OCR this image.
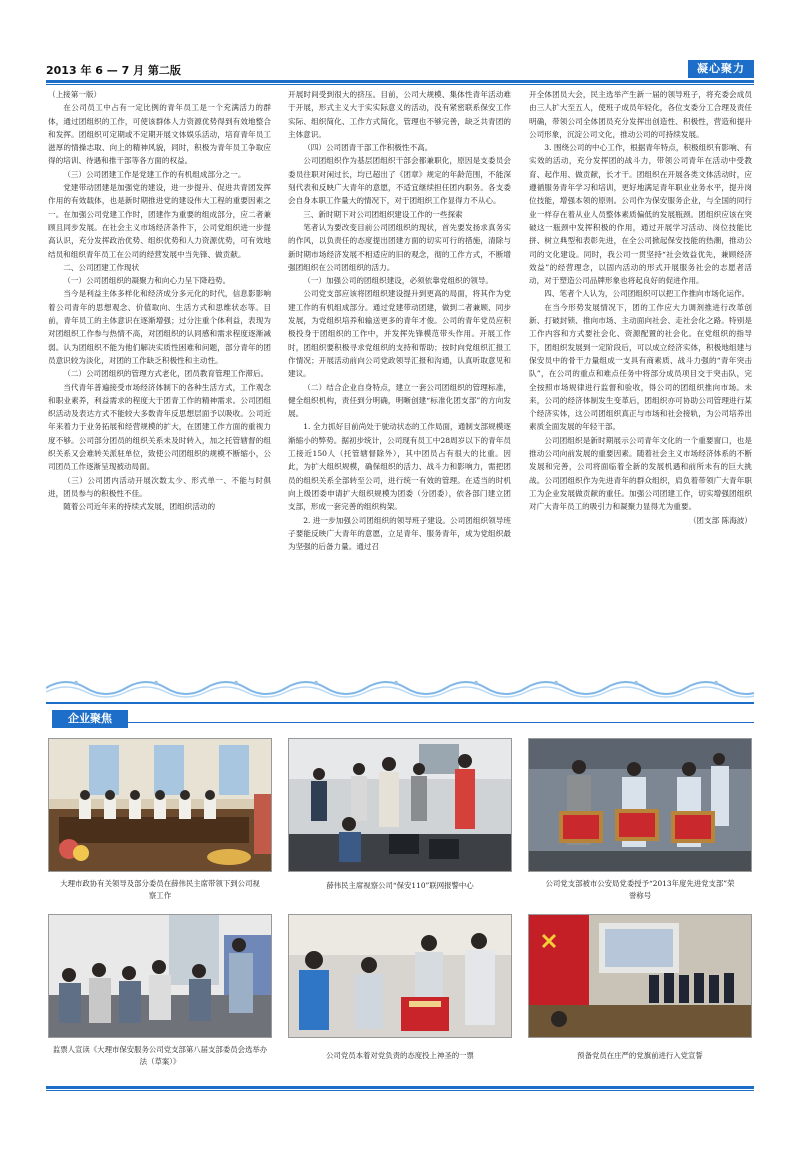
2013 年 6 — 7 月 第二版	凝心聚力

（上接第一版）

在公司员工中占有一定比例的青年员工是一个充满活力的群体，通过团组织的工作，可使该群体人力资源优势得到有效地整合和发挥。团组织可定期或不定期开展文体娱乐活动，培育青年员工滋厚的情操志取、向上的精神风貌，同时，积极为青年员工争取应得的培训、待遇和推干部等各方面的权益。

（三）公司团建工作是党建工作的有机组成部分之一。

党建带动团建是加强党的建设，进一步提升、促进共青团发挥作用的有效载体，也是新时期推进党的建设伟大工程的重要因素之一。在加强公司党建工作时，团建作为重要的组成部分，应二者兼顾且同步发展。在社会主义市场经济条件下，公司党组织进一步提高认识，充分发挥政治优势、组织优势和人力资源优势，可有效地结员和组织青年员工在公司的经营发展中当先锋、做贡献。

二、公司团建工作现状

（一）公司团组织的凝聚力和向心力呈下降趋势。

当今是利益主体多样化和经济成分多元化的时代，信息影影响着公司青年的思想观念、价值取向、生活方式和思维状态等。目前，青年员工的主体意识在逐渐增强；过分注重个体利益，表现为对团组织工作参与热情不高，对团组织的认同感和需求程度逐渐减弱。认为团组织不能为他们解决实质性困难和问题，部分青年的团员意识较为淡化，对团的工作缺乏积极性和主动性。

（二）公司团组织的管理方式老化，团员教育管理工作滞后。

当代青年普遍接受市场经济体制下的各种生活方式，工作观念和职业素养，利益需求的程度大于团青工作的精神需求。公司团组织活动及表达方式不能较大多数青年反思想层面予以吸收。公司近年来着力于业务拓展和经营规模的扩大，在团建工作方面的重视力度不够。公司部分团员的组织关系未及时转入，加之托管辖督的组织关系又会难转关派驻单位，致使公司团组织的规模不断缩小，公司团员工作逐渐呈现被动局面。

（三）公司团内活动开展次数太少、形式单一、不能与时俱进，团员参与的积极性不佳。

随着公司近年来的持续式发展，团组织活动的

开展时间受到很大的挤压。目前，公司大规模、集体性青年活动难于开展，形式主义大于实实际意义的活动，没有紧密联系保安工作实际、组织简化、工作方式简化，管理也不够完善，缺乏共青团的主体意识。

（四）公司团青干部工作积极性不高。

公司团组织作为基层团组织干部会都兼职化，原因是支委员会委员往职对闲过长，均已超出了《团章》规定的年龄范围，不能深刻代表和反映广大青年的意愿，不适宜继续担任团内职务。各支委会自身本职工作量大的情况下，对于团组织工作显得力不从心。

三、新时期下对公司团组织建设工作的一些探索

笔者认为要改变目前公司团组织的现状，首先要发扬求真务实的作风，以负责任的态度提出团建方面的切实可行的措施，清除与新时期市场经济发展不相适应的旧的观念，彻的工作方式，不断增强团组织在公司团组织的活力。

（一）加强公司的团组织建设，必须依靠党组织的领导。

公司党支部应该将团组织建设提升到更高的局面，将其作为党建工作的有机组成部分。通过党建带动团建，做到二者兼顾、同步发展，为党组织培养和输送更多的青年才俊。公司的青年党员应积极投身于团组织的工作中，并发挥先锋模范带头作用。开展工作时，团组织要积极寻求党组织的支持和帮助；按时向党组织汇报工作情况；开展活动前向公司党政领导汇报和沟通，认真听取意见和建议。

（二）结合企业自身特点，建立一套公司团组织的管理标准，健全组织机构，责任到分明确，明晰创建“标准化团支部”的方向发展。

1. 全力抓好目前尚处于驶动状态的工作局面，通制支部规模逐渐缩小的弊势。据初步统计，公司现有员工中28周岁以下的青年员工接近150人（托管辖督除外），其中团员占有很大的比重。因此，为扩大组织规模，确保组织的活力、战斗力和影响力，需把团员的组织关系全部转至公司，进行统一有效的管理。在适当的时机向上级团委申请扩大组织规模为团委（分团委），依各部门建立团支部，形成一套完善的组织构架。

2. 进一步加强公司团组织的领导班子建设。公司团组织领导班子要能反映广大青年的意愿，立足青年、服务青年，成为党组织最为坚强的后备力量。通过召

开全体团员大会，民主选举产生新一届的领导班子，将充委会成员由三人扩大至五人，使班子成员年轻化，各位支委分工合理及责任明确，带领公司全体团员充分发挥出创造性、积极性，营造和提升公司形象，沉淀公司文化，推动公司的可持续发展。

3. 围绕公司的中心工作，根据青年特点，积极组织有影响、有实效的活动，充分发挥团的战斗力，带领公司青年在活动中受教育、起作用、做贡献，长才干。团组织在开展各类文体活动时，应遵循服务青年学习和培训，更好地满足青年职业业务水平，提升岗位技能，增强本领的原则。公司作为保安服务企业，与全国的同行业一样存在着从业人员整体素质偏低的发展瓶颈。团组织应该在突破这一瓶颈中发挥积极的作用，通过开展学习活动、岗位技能比拼、树立典型和表彰先进，在全公司掀起保安技能的热潮，推动公司的文化建设。同时，我公司一贯坚持“社会效益优先，兼顾经济效益”的经营理念，以固内活动的形式开展服务社会的志愿者活动，对于塑造公司品牌形象也将起良好的促进作用。

四、笔者个人认为，公司团组织可以把工作推向市场化运作。

在当今形势发展情况下，团的工作应大力调剂推进行改革创新、打破封锁、推向市场、主动面向社会、走社会化之路。特别是工作内容和方式要社会化、资源配置的社会化。在党组织的指导下，团组织发展到一定阶段后，可以成立经济实体，积极地组建与保安员中的骨干力量组成一支具有商素质、战斗力强的“青年突击队”，在公司的重点和难点任务中将部分成员项目交于突击队，完全按照市场规律进行监督和验收，得公司的团组织推向市场。未来，公司的经济体制发生变革后，团组织亦可协助公司管理进行某个经济实体，这公司团组织真正与市场和社会接轨，为公司培养出素质全面发展的年轻干部。

公司团组织是新时期展示公司青年文化的一个重要窗口，也是推动公司向前发展的重要因素。随着社会主义市场经济体系的不断发展和完善，公司将面临着全新的发展机遇和前所未有的巨大挑战。公司团组织作为先进青年的群众组织，肩负着带领广大青年职工为企业发展做贡献的重任。加强公司团建工作，切实增强团组织对广大青年员工的吸引力和凝聚力显得尤为重要。

（团支部 陈海波）

企业聚焦
大理市政协有关领导及部分委员在薛伟民主席带领下到公司视察工作
薛伟民主席视察公司“保安110”联网报警中心	公司党支部被市公安局党委授予“2013年度先进党支部”荣誉称号
监票人宣读《大理市保安服务公司党支部第八届支部委员会选举办法（草案）》
公司党员本着对党负责的态度投上神圣的一票	预备党员在庄严的党旗前进行入党宣誓
